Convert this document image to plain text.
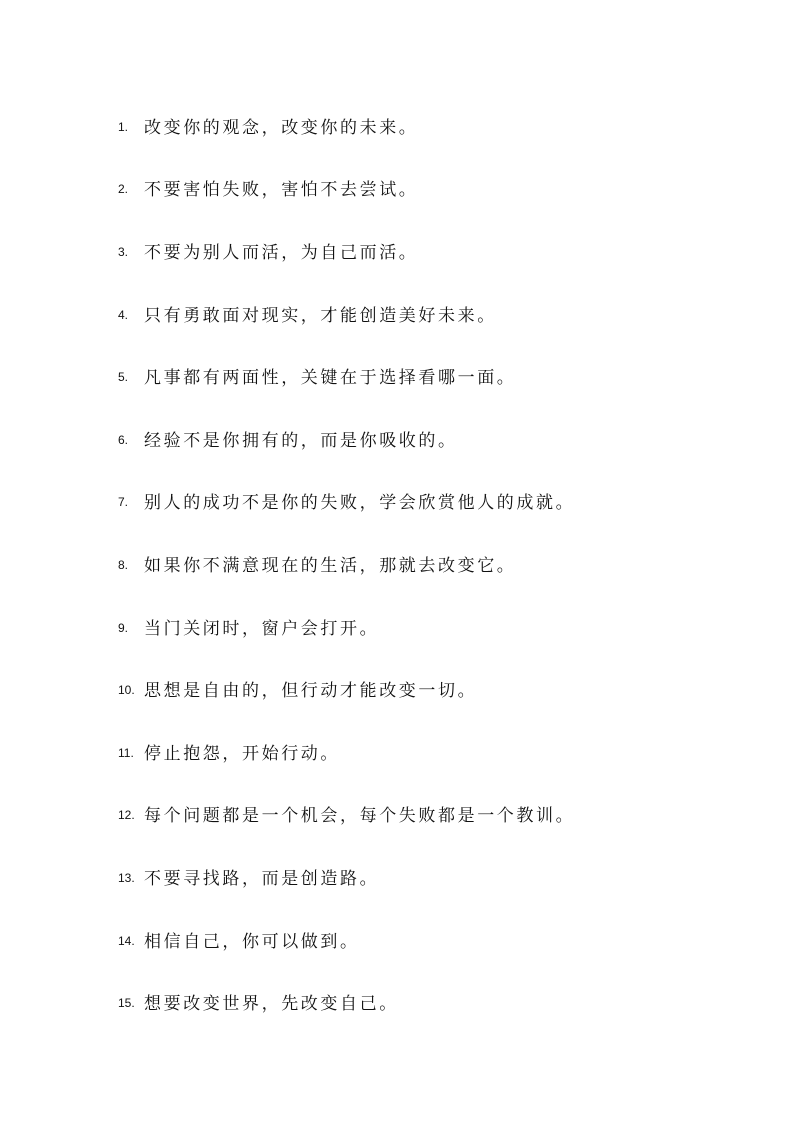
1. 改变你的观念，改变你的未来。
2. 不要害怕失败，害怕不去尝试。
3. 不要为别人而活，为自己而活。
4. 只有勇敢面对现实，才能创造美好未来。
5. 凡事都有两面性，关键在于选择看哪一面。
6. 经验不是你拥有的，而是你吸收的。
7. 别人的成功不是你的失败，学会欣赏他人的成就。
8. 如果你不满意现在的生活，那就去改变它。
9. 当门关闭时，窗户会打开。
10. 思想是自由的，但行动才能改变一切。
11. 停止抱怨，开始行动。
12. 每个问题都是一个机会，每个失败都是一个教训。
13. 不要寻找路，而是创造路。
14. 相信自己，你可以做到。
15. 想要改变世界，先改变自己。
